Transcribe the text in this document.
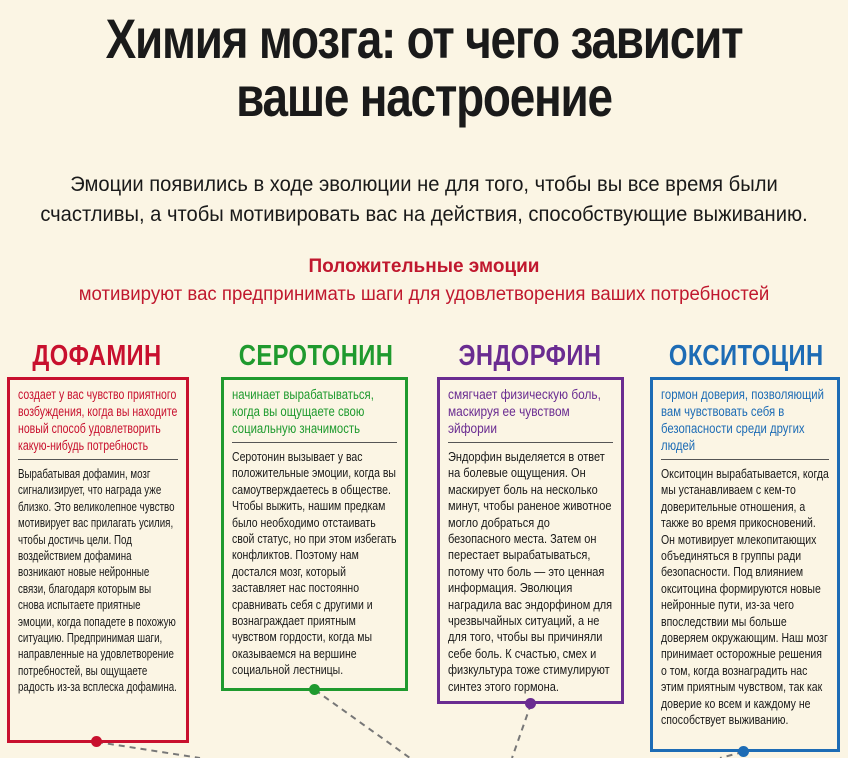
Химия мозга: от чего зависит
ваше настроение
Эмоции появились в ходе эволюции не для того, чтобы вы все время были
счастливы, а чтобы мотивировать вас на действия, способствующие выживанию.
Положительные эмоции
мотивируют вас предпринимать шаги для удовлетворения ваших потребностей
ДОФАМИН
создает у вас чувство приятного возбуждения, когда вы находите новый способ удовлетворить какую-нибудь потребность
Вырабатывая дофамин, мозг сигнализирует, что награда уже близко. Это великолепное чувство мотивирует вас прилагать усилия, чтобы достичь цели. Под воздействием дофамина возникают новые нейронные связи, благодаря которым вы снова испытаете приятные эмоции, когда попадете в похожую ситуацию. Предпринимая шаги, направленные на удовлетворение потребностей, вы ощущаете радость из-за всплеска дофамина.
СЕРОТОНИН
начинает вырабатываться, когда вы ощущаете свою социальную значимость
Серотонин вызывает у вас положительные эмоции, когда вы самоутверждаетесь в обществе. Чтобы выжить, нашим предкам было необходимо отстаивать свой статус, но при этом избегать конфликтов. Поэтому нам достался мозг, который заставляет нас постоянно сравнивать себя с другими и вознаграждает приятным чувством гордости, когда мы оказываемся на вершине социальной лестницы.
ЭНДОРФИН
смягчает физическую боль, маскируя ее чувством эйфории
Эндорфин выделяется в ответ на болевые ощущения. Он маскирует боль на несколько минут, чтобы раненое животное могло добраться до безопасного места. Затем он перестает вырабатываться, потому что боль — это ценная информация. Эволюция наградила вас эндорфином для чрезвычайных ситуаций, а не для того, чтобы вы причиняли себе боль. К счастью, смех и физкультура тоже стимулируют синтез этого гормона.
ОКСИТОЦИН
гормон доверия, позволяющий вам чувствовать себя в безопасности среди других людей
Окситоцин вырабатывается, когда мы устанавливаем с кем-то доверительные отношения, а также во время прикосновений. Он мотивирует млекопитающих объединяться в группы ради безопасности. Под влиянием окситоцина формируются новые нейронные пути, из-за чего впоследствии мы больше доверяем окружающим. Наш мозг принимает осторожные решения о том, когда вознаградить нас этим приятным чувством, так как доверие ко всем и каждому не способствует выживанию.
